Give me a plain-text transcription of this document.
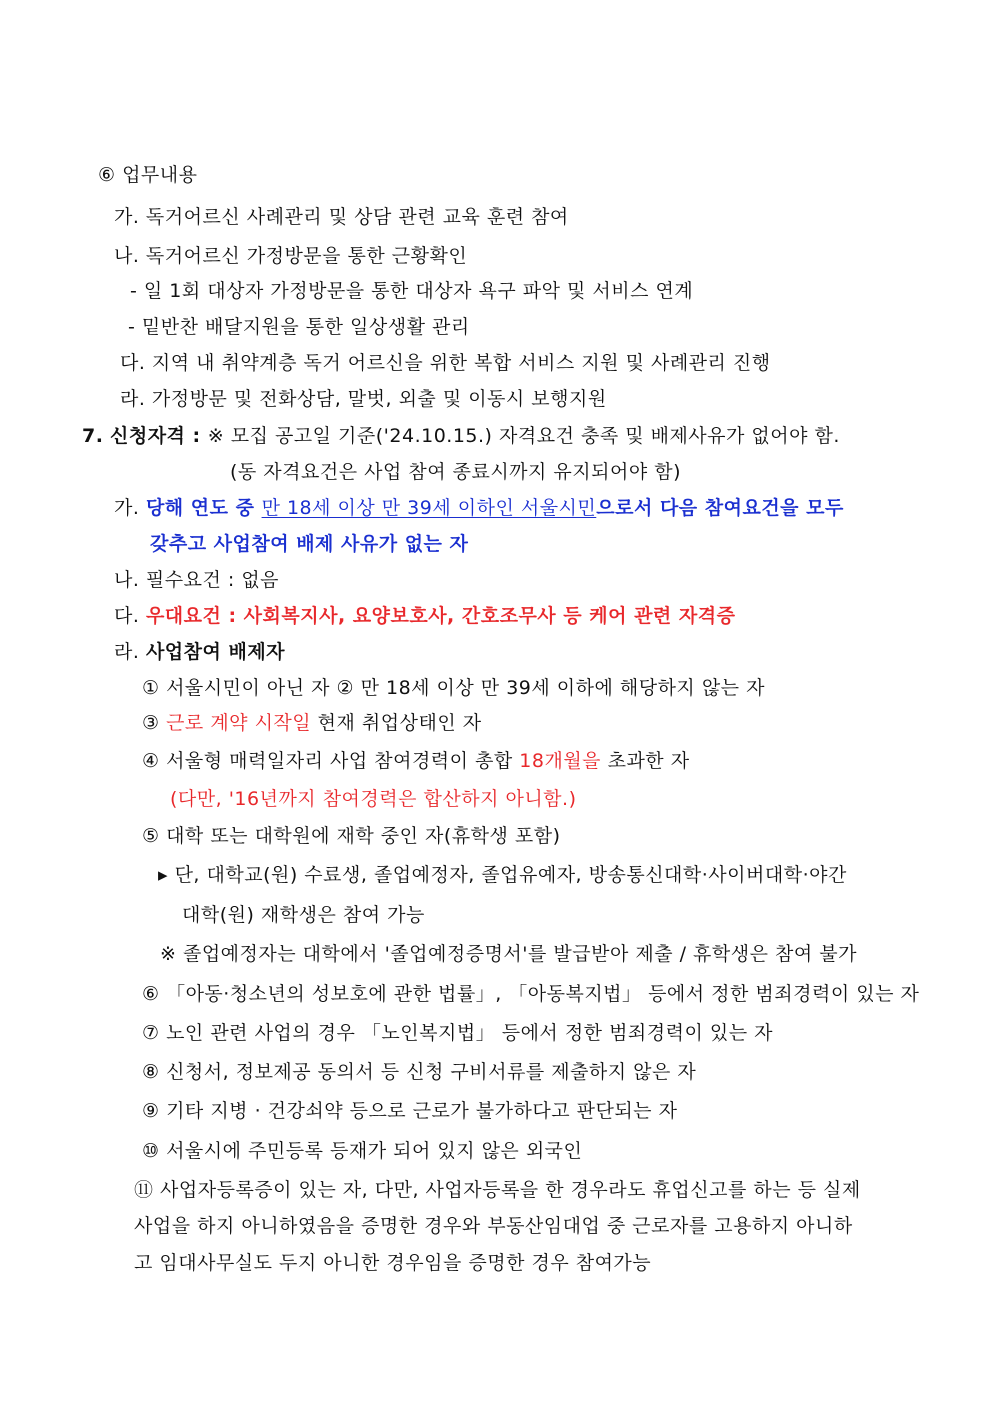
⑥ 업무내용
가. 독거어르신 사례관리 및 상담 관련 교육 훈련 참여
나. 독거어르신 가정방문을 통한 근황확인
- 일 1회 대상자 가정방문을 통한 대상자 욕구 파악 및 서비스 연계
- 밑반찬 배달지원을 통한 일상생활 관리
다. 지역 내 취약계층 독거 어르신을 위한 복합 서비스 지원 및 사례관리 진행
라. 가정방문 및 전화상담, 말벗, 외출 및 이동시 보행지원
7. 신청자격 : ※ 모집 공고일 기준('24.10.15.) 자격요건 충족 및 배제사유가 없어야 함.
(동 자격요건은 사업 참여 종료시까지 유지되어야 함)
가. 당해 연도 중 만 18세 이상 만 39세 이하인 서울시민으로서 다음 참여요건을 모두
갖추고 사업참여 배제 사유가 없는 자
나. 필수요건 : 없음
다. 우대요건 : 사회복지사, 요양보호사, 간호조무사 등 케어 관련 자격증
라. 사업참여 배제자
① 서울시민이 아닌 자 ② 만 18세 이상 만 39세 이하에 해당하지 않는 자
③ 근로 계약 시작일 현재 취업상태인 자
④ 서울형 매력일자리 사업 참여경력이 총합 18개월을 초과한 자
(다만, '16년까지 참여경력은 합산하지 아니함.)
⑤ 대학 또는 대학원에 재학 중인 자(휴학생 포함)
▸ 단, 대학교(원) 수료생, 졸업예정자, 졸업유예자, 방송통신대학·사이버대학·야간
대학(원) 재학생은 참여 가능
※ 졸업예정자는 대학에서 '졸업예정증명서'를 발급받아 제출 / 휴학생은 참여 불가
⑥ 「아동·청소년의 성보호에 관한 법률」, 「아동복지법」 등에서 정한 범죄경력이 있는 자
⑦ 노인 관련 사업의 경우 「노인복지법」 등에서 정한 범죄경력이 있는 자
⑧ 신청서, 정보제공 동의서 등 신청 구비서류를 제출하지 않은 자
⑨ 기타 지병 · 건강쇠약 등으로 근로가 불가하다고 판단되는 자
⑩ 서울시에 주민등록 등재가 되어 있지 않은 외국인
⑪ 사업자등록증이 있는 자, 다만, 사업자등록을 한 경우라도 휴업신고를 하는 등 실제
사업을 하지 아니하였음을 증명한 경우와 부동산임대업 중 근로자를 고용하지 아니하
고 임대사무실도 두지 아니한 경우임을 증명한 경우 참여가능
